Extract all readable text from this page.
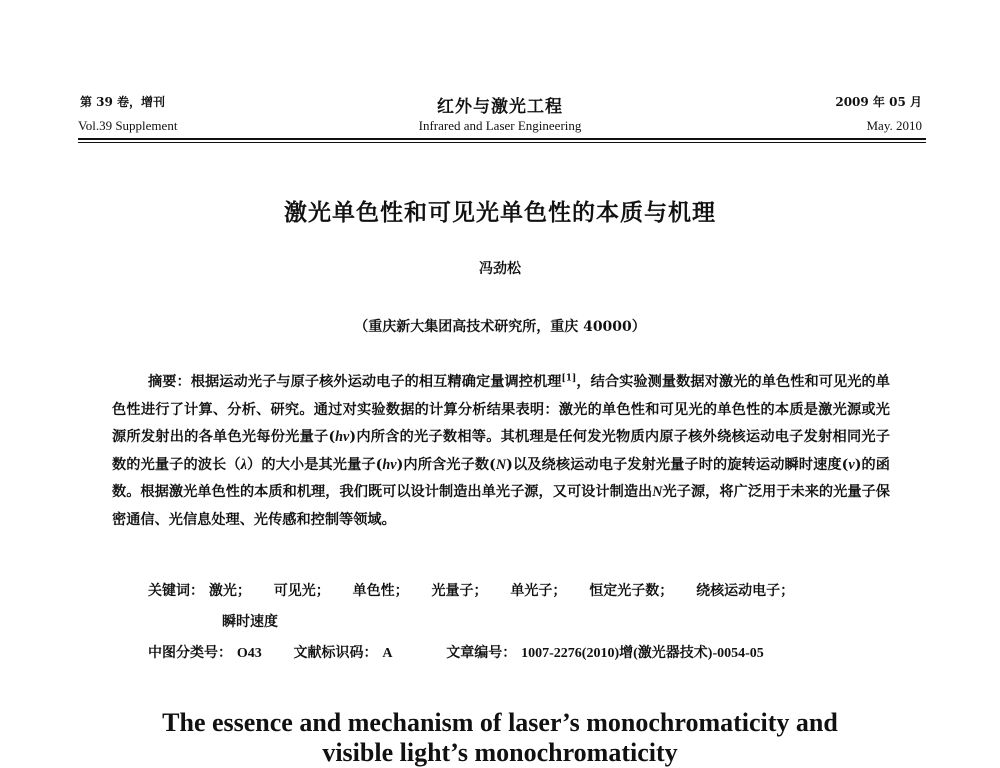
第 39 卷，增刊
Vol.39 Supplement
红外与激光工程
Infrared and Laser Engineering
2009 年 05 月
May. 2010
激光单色性和可见光单色性的本质与机理
冯劲松
（重庆新大集团高技术研究所，重庆 40000）
摘要：根据运动光子与原子核外运动电子的相互精确定量调控机理[1]，结合实验测量数据对激光的单色性和可见光的单色性进行了计算、分析、研究。通过对实验数据的计算分析结果表明：激光的单色性和可见光的单色性的本质是激光源或光源所发射出的各单色光每份光量子(hν)内所含的光子数相等。其机理是任何发光物质内原子核外绕核运动电子发射相同光子数的光量子的波长（λ）的大小是其光量子(hν)内所含光子数(N)以及绕核运动电子发射光量子时的旋转运动瞬时速度(ν)的函数。根据激光单色性的本质和机理，我们既可以设计制造出单光子源，又可设计制造出N光子源，将广泛用于未来的光量子保密通信、光信息处理、光传感和控制等领域。
关键词： 激光； 可见光； 单色性； 光量子； 单光子； 恒定光子数； 绕核运动电子；
瞬时速度
中图分类号： O43 文献标识码： A	文章编号： 1007-2276(2010)增(激光器技术)-0054-05
The essence and mechanism of laser’s monochromaticity and
visible light’s monochromaticity
